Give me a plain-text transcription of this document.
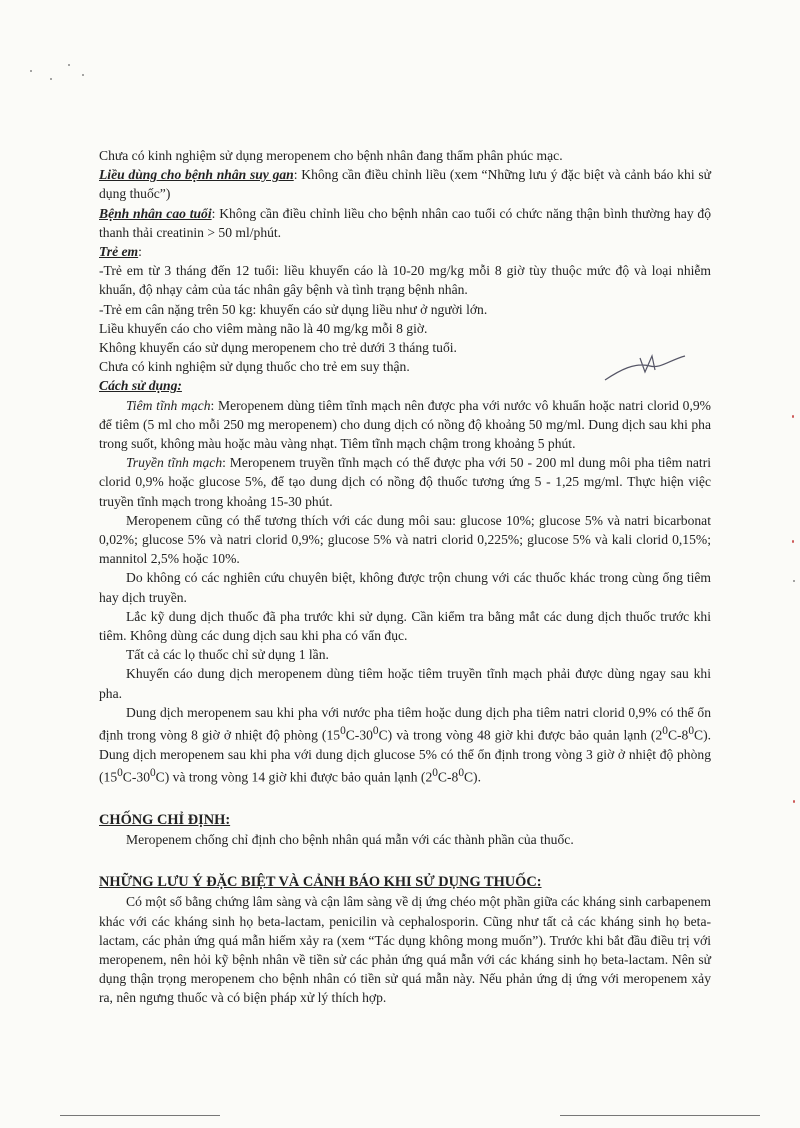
Chưa có kinh nghiệm sử dụng meropenem cho bệnh nhân đang thẩm phân phúc mạc.

Liều dùng cho bệnh nhân suy gan: Không cần điều chỉnh liều (xem “Những lưu ý đặc biệt và cảnh báo khi sử dụng thuốc”)

Bệnh nhân cao tuổi: Không cần điều chỉnh liều cho bệnh nhân cao tuổi có chức năng thận bình thường hay độ thanh thải creatinin > 50 ml/phút.

Trẻ em:

-Trẻ em từ 3 tháng đến 12 tuổi: liều khuyến cáo là 10-20 mg/kg mỗi 8 giờ tùy thuộc mức độ và loại nhiễm khuẩn, độ nhạy cảm của tác nhân gây bệnh và tình trạng bệnh nhân.

-Trẻ em cân nặng trên 50 kg: khuyến cáo sử dụng liều như ở người lớn.

Liều khuyến cáo cho viêm màng não là 40 mg/kg mỗi 8 giờ.

Không khuyến cáo sử dụng meropenem cho trẻ dưới 3 tháng tuổi.

Chưa có kinh nghiệm sử dụng thuốc cho trẻ em suy thận.

Cách sử dụng:

Tiêm tĩnh mạch: Meropenem dùng tiêm tĩnh mạch nên được pha với nước vô khuẩn hoặc natri clorid 0,9% để tiêm (5 ml cho mỗi 250 mg meropenem) cho dung dịch có nồng độ khoảng 50 mg/ml. Dung dịch sau khi pha trong suốt, không màu hoặc màu vàng nhạt. Tiêm tĩnh mạch chậm trong khoảng 5 phút.

Truyền tĩnh mạch: Meropenem truyền tĩnh mạch có thể được pha với 50 - 200 ml dung môi pha tiêm natri clorid 0,9% hoặc glucose 5%, để tạo dung dịch có nồng độ thuốc tương ứng 5 - 1,25 mg/ml. Thực hiện việc truyền tĩnh mạch trong khoảng 15-30 phút.

Meropenem cũng có thể tương thích với các dung môi sau: glucose 10%; glucose 5% và natri bicarbonat 0,02%; glucose 5% và natri clorid 0,9%; glucose 5% và natri clorid 0,225%; glucose 5% và kali clorid 0,15%; mannitol 2,5% hoặc 10%.

Do không có các nghiên cứu chuyên biệt, không được trộn chung với các thuốc khác trong cùng ống tiêm hay dịch truyền.

Lắc kỹ dung dịch thuốc đã pha trước khi sử dụng. Cần kiểm tra bằng mắt các dung dịch thuốc trước khi tiêm. Không dùng các dung dịch sau khi pha có vẩn đục.

Tất cả các lọ thuốc chỉ sử dụng 1 lần.

Khuyến cáo dung dịch meropenem dùng tiêm hoặc tiêm truyền tĩnh mạch phải được dùng ngay sau khi pha.

Dung dịch meropenem sau khi pha với nước pha tiêm hoặc dung dịch pha tiêm natri clorid 0,9% có thể ổn định trong vòng 8 giờ ở nhiệt độ phòng $(15^0C-30^0C)$ và trong vòng 48 giờ khi được bảo quản lạnh $(2^0C-8^0C)$. Dung dịch meropenem sau khi pha với dung dịch glucose 5% có thể ổn định trong vòng 3 giờ ở nhiệt độ phòng $(15^0C-30^0C)$ và trong vòng 14 giờ khi được bảo quản lạnh $(2^0C-8^0C)$.

CHỐNG CHỈ ĐỊNH:

Meropenem chống chỉ định cho bệnh nhân quá mẫn với các thành phần của thuốc.

NHỮNG LƯU Ý ĐẶC BIỆT VÀ CẢNH BÁO KHI SỬ DỤNG THUỐC:

Có một số bằng chứng lâm sàng và cận lâm sàng về dị ứng chéo một phần giữa các kháng sinh carbapenem khác với các kháng sinh họ beta-lactam, penicilin và cephalosporin. Cũng như tất cả các kháng sinh họ beta-lactam, các phản ứng quá mẫn hiếm xảy ra (xem “Tác dụng không mong muốn”). Trước khi bắt đầu điều trị với meropenem, nên hỏi kỹ bệnh nhân về tiền sử các phản ứng quá mẫn với các kháng sinh họ beta-lactam. Nên sử dụng thận trọng meropenem cho bệnh nhân có tiền sử quá mẫn này. Nếu phản ứng dị ứng với meropenem xảy ra, nên ngưng thuốc và có biện pháp xử lý thích hợp.
